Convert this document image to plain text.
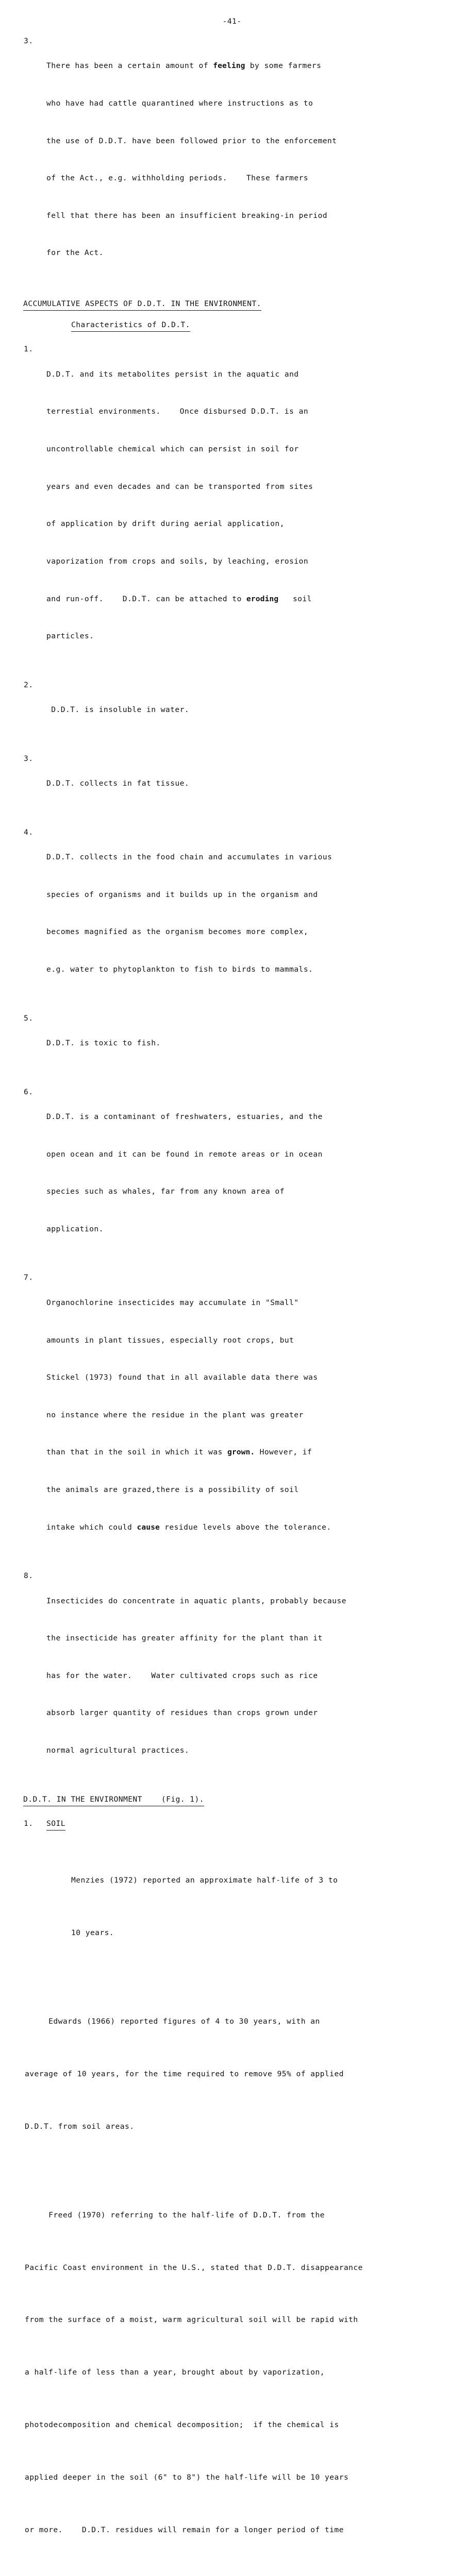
-41-
3.

There has been a certain amount of feeling by some farmers

who have had cattle quarantined where instructions as to

the use of D.D.T. have been followed prior to the enforcement

of the Act., e.g. withholding periods.    These farmers

fell that there has been an insufficient breaking-in period

for the Act.

ACCUMULATIVE ASPECTS OF D.D.T. IN THE ENVIRONMENT.
Characteristics of D.D.T.
1.

D.D.T. and its metabolites persist in the aquatic and

terrestial environments.    Once disbursed D.D.T. is an

uncontrollable chemical which can persist in soil for

years and even decades and can be transported from sites

of application by drift during aerial application,

vaporization from crops and soils, by leaching, erosion

and run-off.    D.D.T. can be attached to eroding   soil

particles.

2.

D.D.T. is insoluble in water.

3.

D.D.T. collects in fat tissue.

4.

D.D.T. collects in the food chain and accumulates in various

species of organisms and it builds up in the organism and

becomes magnified as the organism becomes more complex,

e.g. water to phytoplankton to fish to birds to mammals.

5.

D.D.T. is toxic to fish.

6.

D.D.T. is a contaminant of freshwaters, estuaries, and the

open ocean and it can be found in remote areas or in ocean

species such as whales, far from any known area of

application.

7.

Organochlorine insecticides may accumulate in "Small"

amounts in plant tissues, especially root crops, but

Stickel (1973) found that in all available data there was

no instance where the residue in the plant was greater

than that in the soil in which it was grown. However, if

the animals are grazed,there is a possibility of soil

intake which could cause residue levels above the tolerance.

8.

Insecticides do concentrate in aquatic plants, probably because

the insecticide has greater affinity for the plant than it

has for the water.    Water cultivated crops such as rice

absorb larger quantity of residues than crops grown under

normal agricultural practices.

D.D.T. IN THE ENVIRONMENT    (Fig. 1).
1.	SOIL

Menzies (1972) reported an approximate half-life of 3 to

10 years.

Edwards (1966) reported figures of 4 to 30 years, with an

average of 10 years, for the time required to remove 95% of applied

D.D.T. from soil areas.

Freed (1970) referring to the half-life of D.D.T. from the

Pacific Coast environment in the U.S., stated that D.D.T. disappearance

from the surface of a moist, warm agricultural soil will be rapid with

a half-life of less than a year, brought about by vaporization,

photodecomposition and chemical decomposition;  if the chemical is

applied deeper in the soil (6" to 8") the half-life will be 10 years

or more.    D.D.T. residues will remain for a longer period of time
